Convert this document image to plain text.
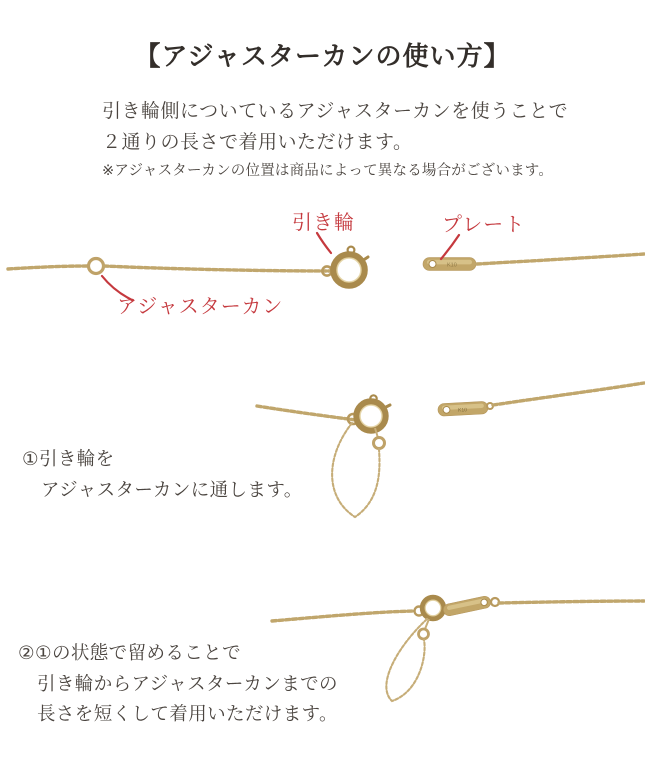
K10
K10
【アジャスターカンの使い方】
引き輪側についているアジャスターカンを使うことで
２通りの長さで着用いただけます。
※アジャスターカンの位置は商品によって異なる場合がございます。
引き輪	プレート
アジャスターカン
①引き輪を
アジャスターカンに通します。
②①の状態で留めることで
引き輪からアジャスターカンまでの
長さを短くして着用いただけます。
